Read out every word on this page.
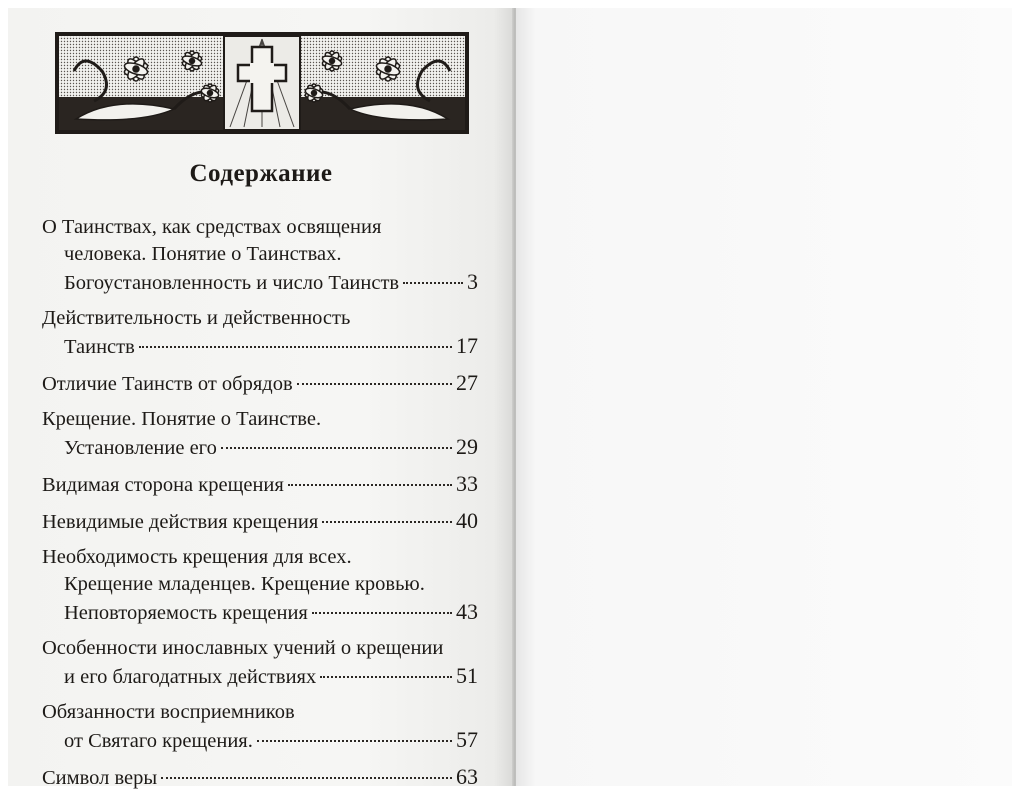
Содержание
О Таинствах, как средствах освящения
человека. Понятие о Таинствах.
Богоустановленность и число Таинств	3
Действительность и действенность
Таинств	17
Отличие Таинств от обрядов	27
Крещение. Понятие о Таинстве.
Установление его	29
Видимая сторона крещения	33
Невидимые действия крещения	40
Необходимость крещения для всех.
Крещение младенцев. Крещение кровью.
Неповторяемость крещения	43
Особенности инославных учений о крещении
и его благодатных действиях	51
Обязанности восприемников
от Святаго крещения.	57
Символ веры	63
